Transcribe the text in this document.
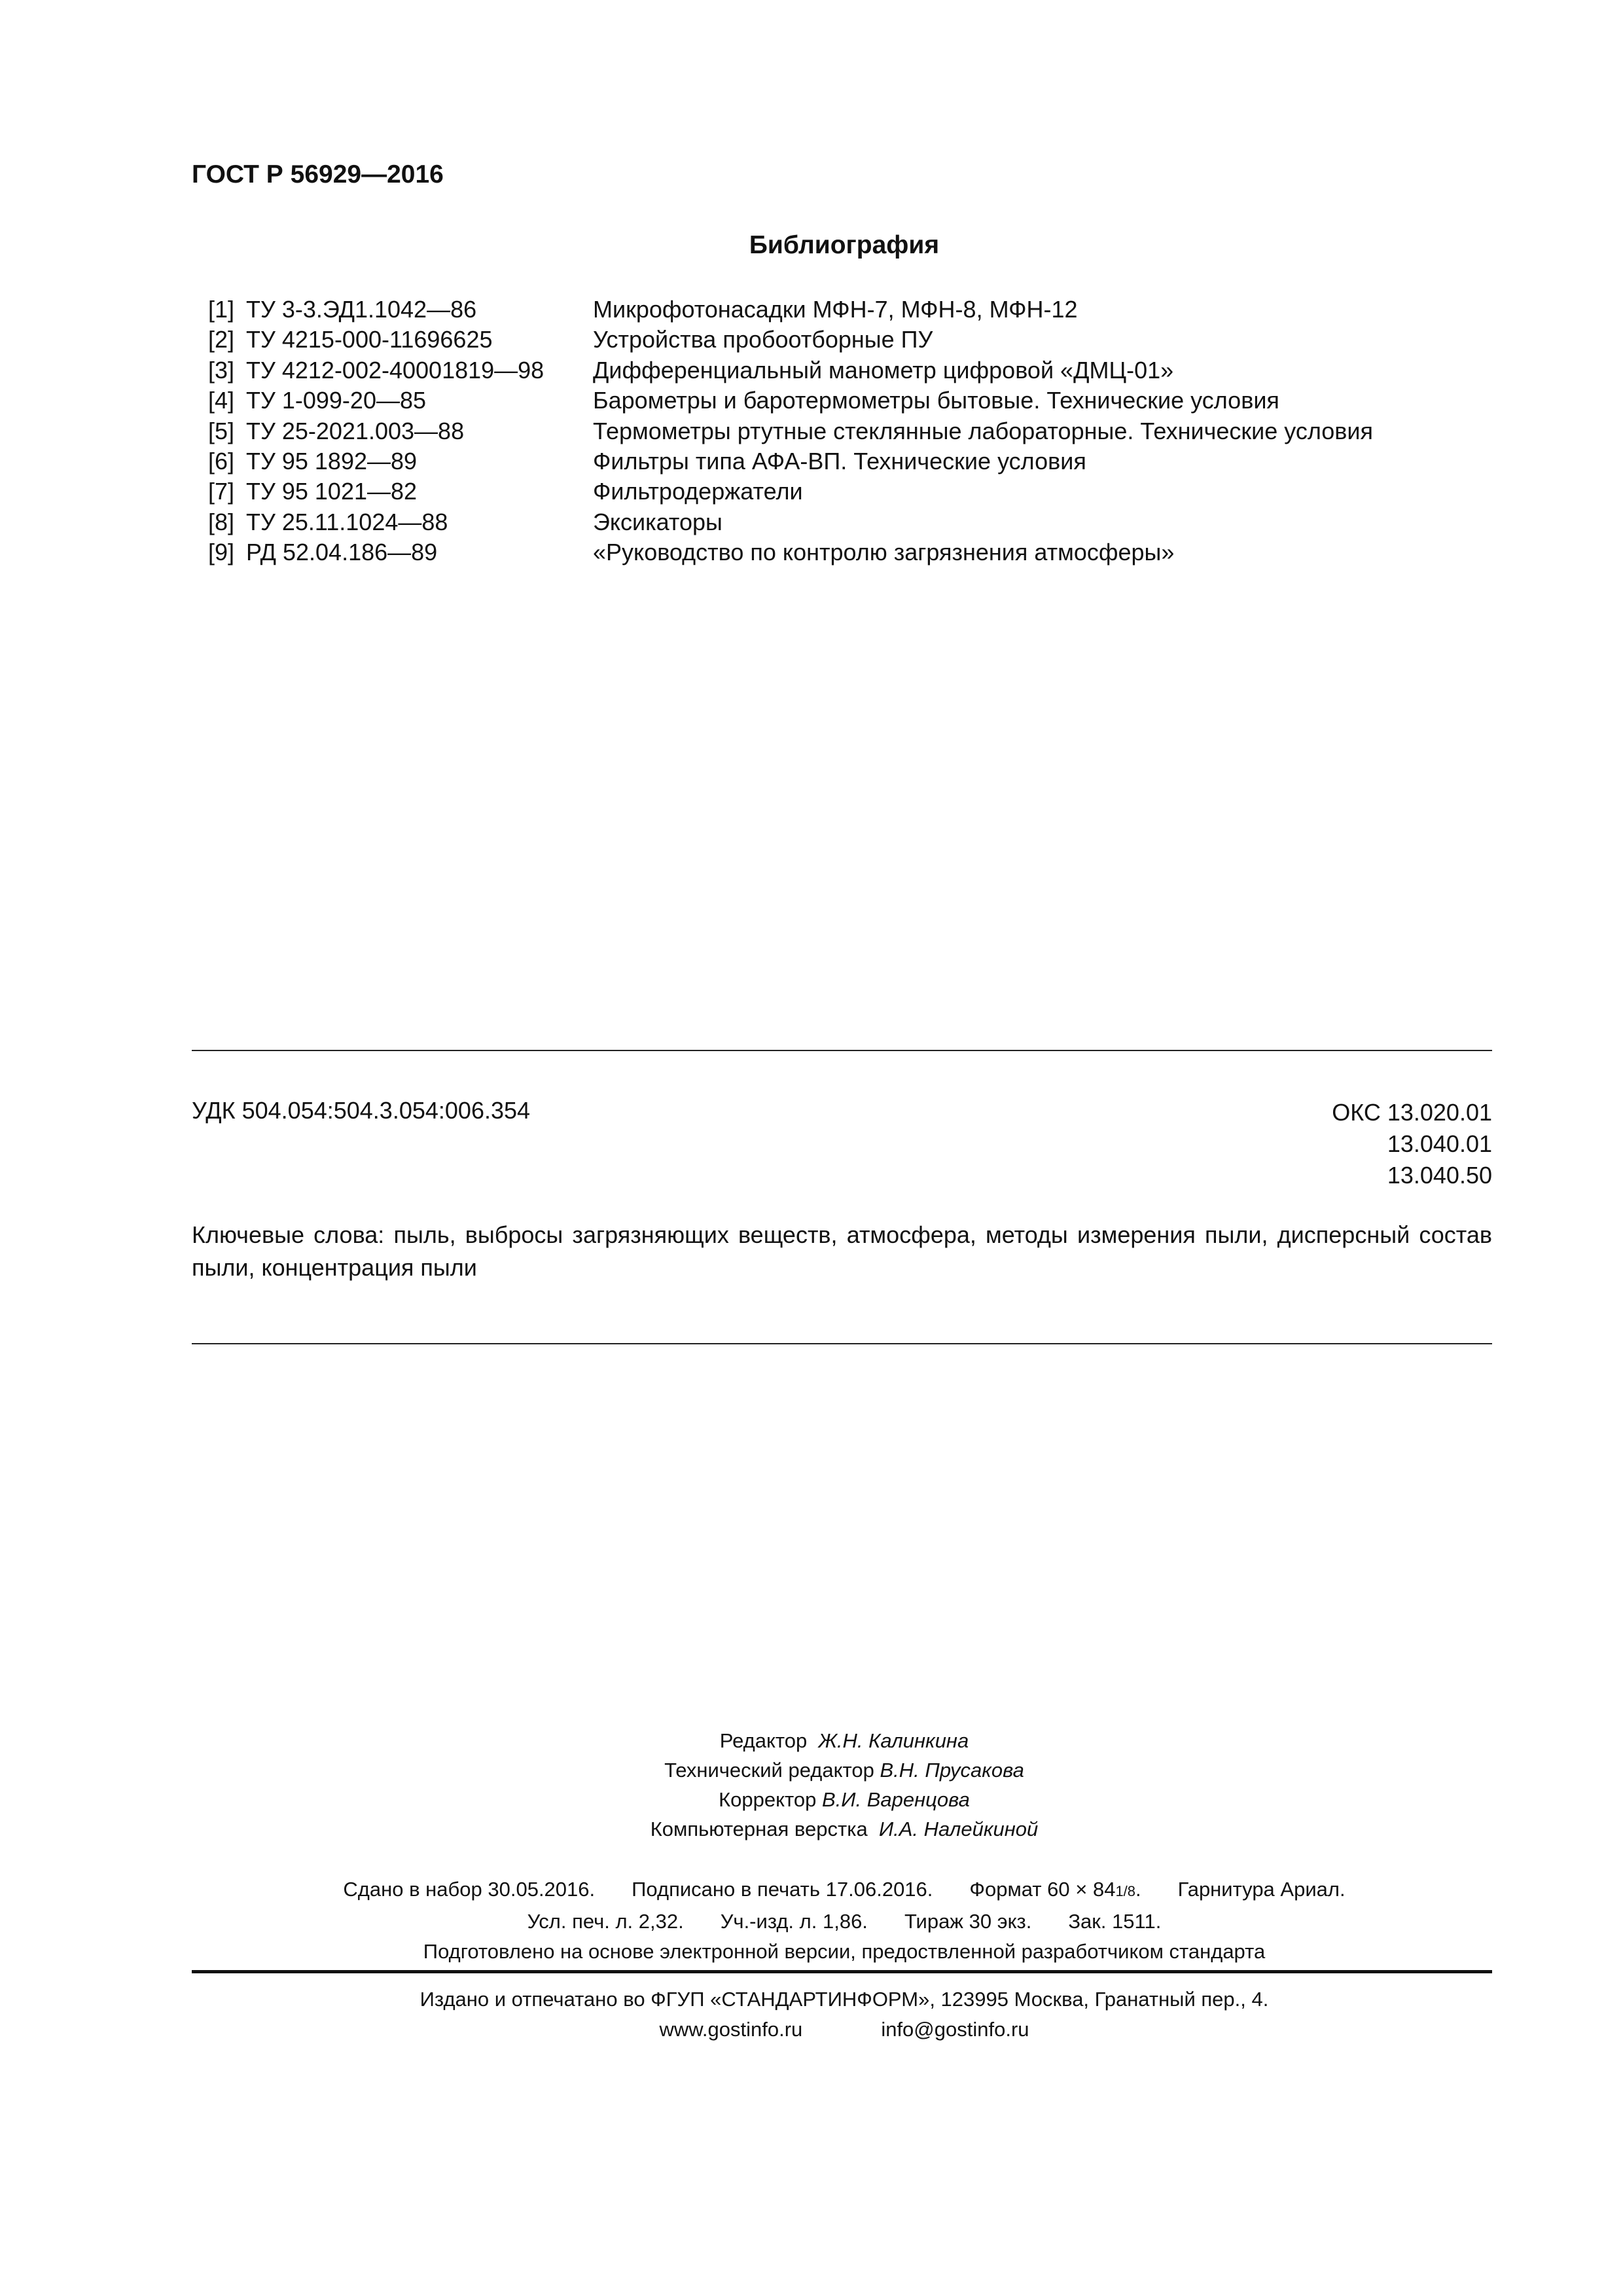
ГОСТ Р 56929—2016
Библиография
[1] ТУ 3-3.ЭД1.1042—86	Микрофотонасадки МФН-7, МФН-8, МФН-12
[2] ТУ 4215-000-11696625	Устройства пробоотборные ПУ
[3] ТУ 4212-002-40001819—98	Дифференциальный манометр цифровой «ДМЦ-01»
[4] ТУ 1-099-20—85	Барометры и баротермометры бытовые. Технические условия
[5] ТУ 25-2021.003—88	Термометры ртутные стеклянные лабораторные. Технические условия
[6] ТУ 95 1892—89	Фильтры типа АФА-ВП. Технические условия
[7] ТУ 95 1021—82	Фильтродержатели
[8] ТУ 25.11.1024—88	Эксикаторы
[9] РД 52.04.186—89	«Руководство по контролю загрязнения атмосферы»
УДК 504.054:504.3.054:006.354	ОКС 13.020.01
13.040.01
13.040.50
Ключевые слова: пыль, выбросы загрязняющих веществ, атмосфера, методы измерения пыли, дисперсный состав пыли, концентрация пыли
Редактор Ж.Н. Калинкина
Технический редактор В.Н. Прусакова
Корректор В.И. Варенцова
Компьютерная верстка И.А. Налейкиной
Сдано в набор 30.05.2016. Подписано в печать 17.06.2016. Формат 60 × 841/8. Гарнитура Ариал.
Усл. печ. л. 2,32. Уч.-изд. л. 1,86. Тираж 30 экз. Зак. 1511.
Подготовлено на основе электронной версии, предоствленной разработчиком стандарта
Издано и отпечатано во ФГУП «СТАНДАРТИНФОРМ», 123995 Москва, Гранатный пер., 4.
www.gostinfo.ru	info@gostinfo.ru
